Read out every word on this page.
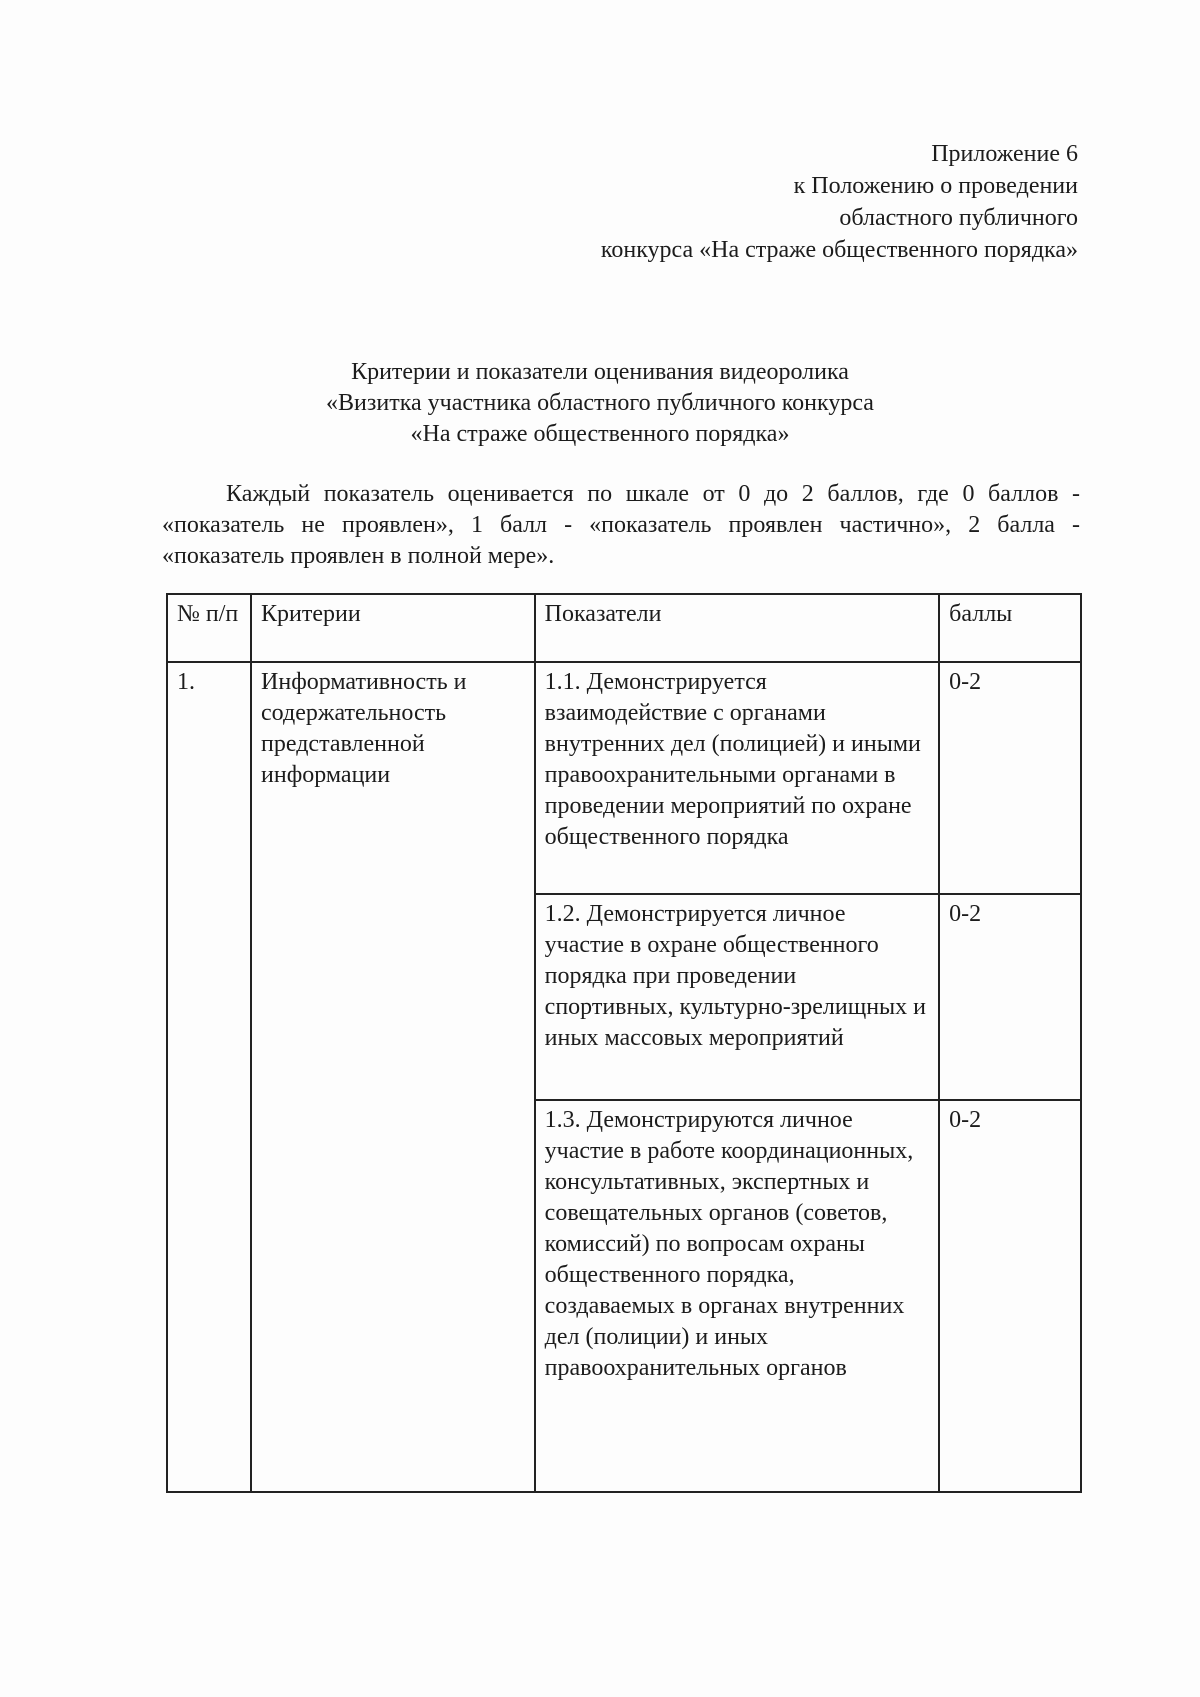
Приложение 6
к Положению о проведении
областного публичного
конкурса «На страже общественного порядка»
Критерии и показатели оценивания видеоролика
«Визитка участника областного публичного конкурса
«На страже общественного порядка»
Каждый показатель оценивается по шкале от 0 до 2 баллов, где 0 баллов - «показатель не проявлен», 1 балл - «показатель проявлен частично», 2 балла - «показатель проявлен в полной мере».
№ п/п	Критерии	Показатели	баллы
1.	Информативность и содержательность представленной информации	1.1. Демонстрируется взаимодействие с органами внутренних дел (полицией) и иными правоохранительными органами в проведении мероприятий по охране общественного порядка	0-2
		1.2. Демонстрируется личное участие в охране общественного порядка при проведении спортивных, культурно-зрелищных и иных массовых мероприятий	0-2
		1.3. Демонстрируются личное участие в работе координационных, консультативных, экспертных и совещательных органов (советов, комиссий) по вопросам охраны общественного порядка, создаваемых в органах внутренних дел (полиции) и иных правоохранительных органов	0-2
